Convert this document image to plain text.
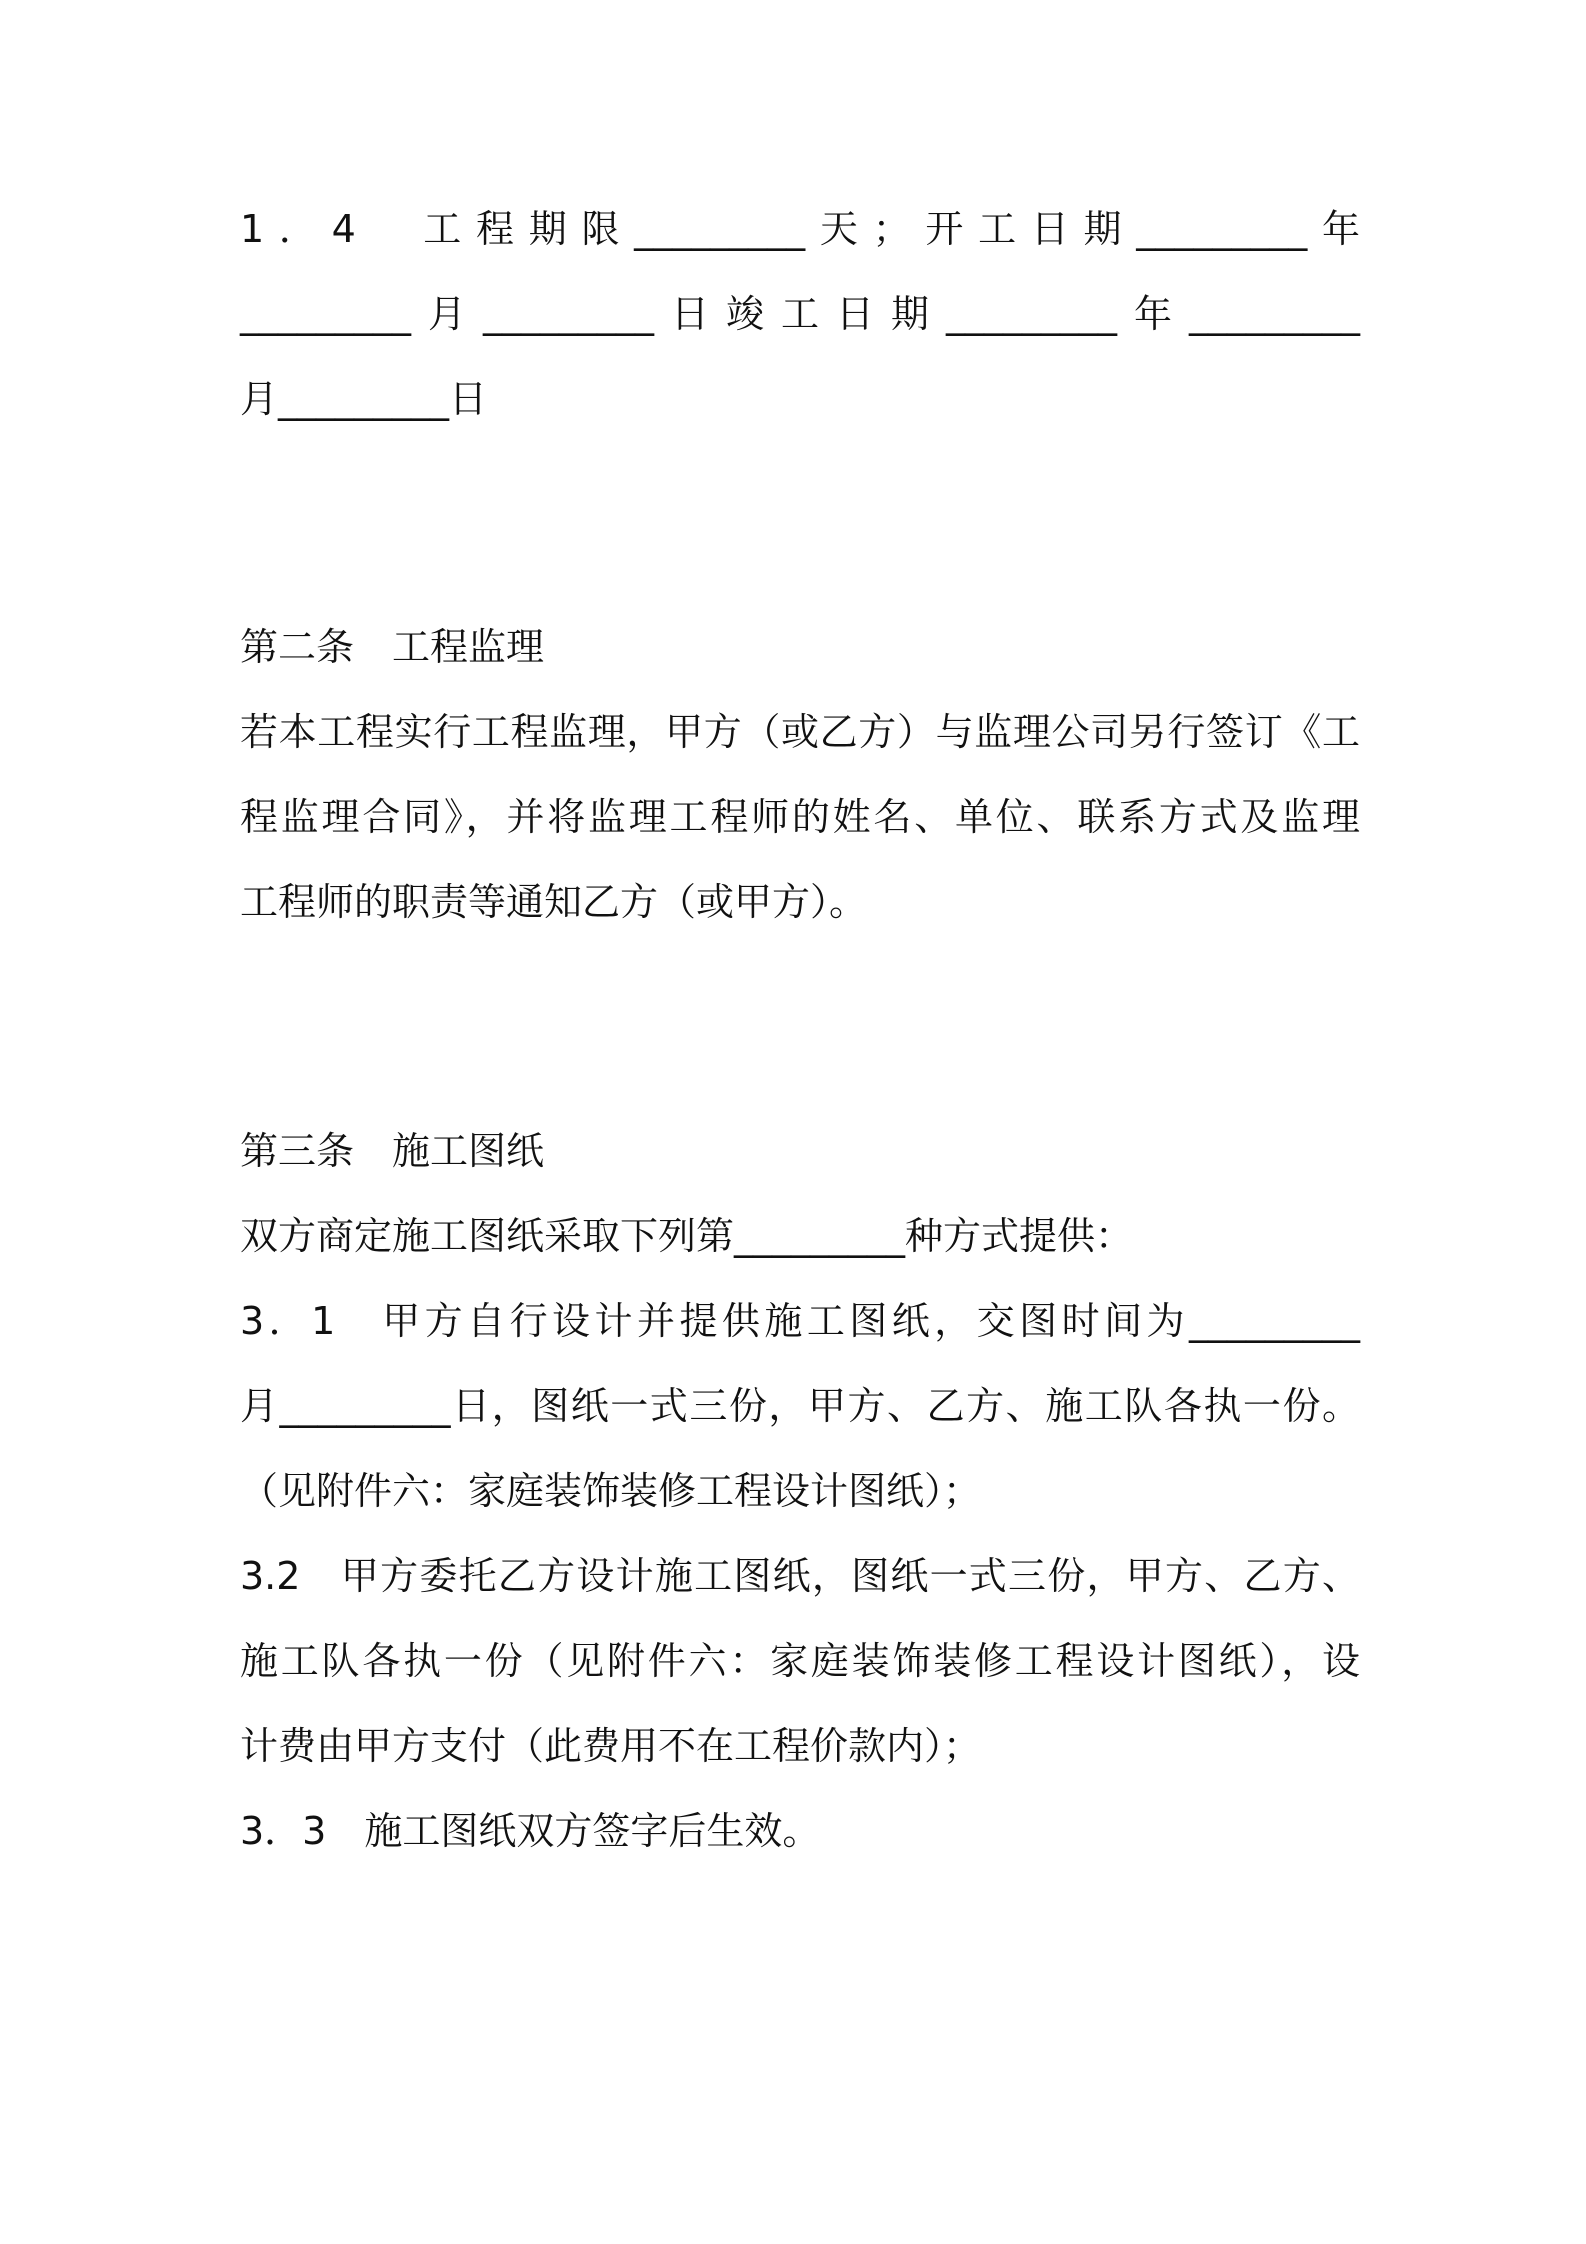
1．4　工程期限_________天；开工日期_________年
_________月_________日竣工日期_________年_________
月_________日
第二条　工程监理
若本工程实行工程监理，甲方（或乙方）与监理公司另行签订《工
程监理合同》，并将监理工程师的姓名、单位、联系方式及监理
工程师的职责等通知乙方（或甲方）。
第三条　施工图纸
双方商定施工图纸采取下列第_________种方式提供：
3．1　甲方自行设计并提供施工图纸，交图时间为_________
月_________日，图纸一式三份，甲方、乙方、施工队各执一份。
（见附件六：家庭装饰装修工程设计图纸）；
3.2　甲方委托乙方设计施工图纸，图纸一式三份，甲方、乙方、
施工队各执一份（见附件六：家庭装饰装修工程设计图纸），设
计费由甲方支付（此费用不在工程价款内）；
3．3　施工图纸双方签字后生效。
